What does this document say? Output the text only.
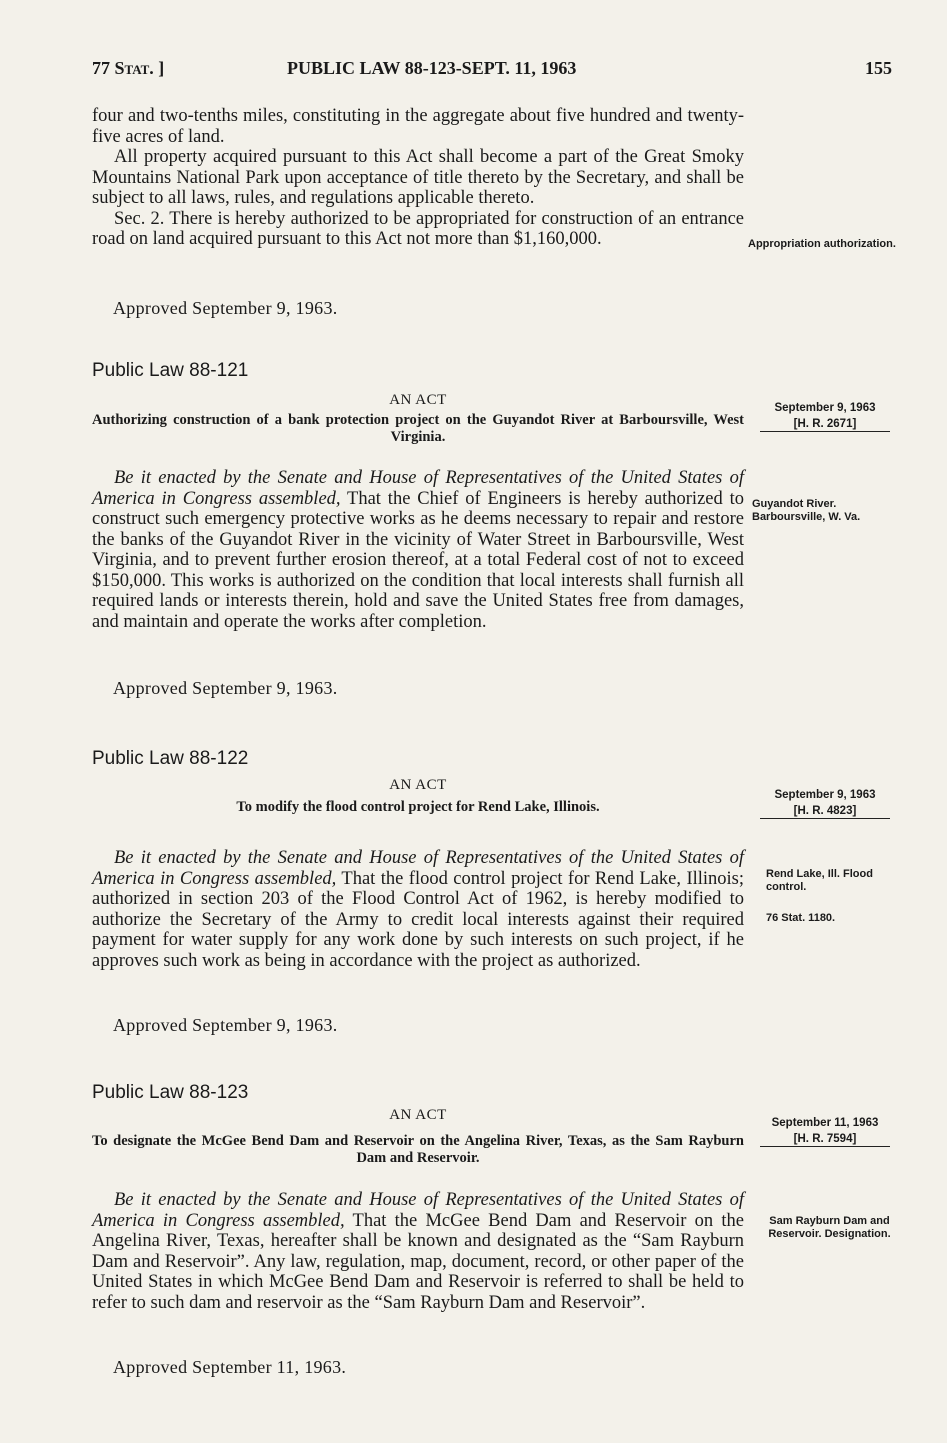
77 Stat. ]	PUBLIC LAW 88-123-SEPT. 11, 1963	155

four and two-tenths miles, constituting in the aggregate about five hundred and twenty-five acres of land.

All property acquired pursuant to this Act shall become a part of the Great Smoky Mountains National Park upon acceptance of title thereto by the Secretary, and shall be subject to all laws, rules, and regulations applicable thereto.

Sec. 2. There is hereby authorized to be appropriated for construction of an entrance road on land acquired pursuant to this Act not more than $1,160,000.

Approved September 9, 1963.
Appropriation authorization.
Public Law 88-121
AN ACT
Authorizing construction of a bank protection project on the Guyandot River at Barboursville, West Virginia.
September 9, 1963
[H. R. 2671]

Be it enacted by the Senate and House of Representatives of the United States of America in Congress assembled, That the Chief of Engineers is hereby authorized to construct such emergency protective works as he deems necessary to repair and restore the banks of the Guyandot River in the vicinity of Water Street in Barboursville, West Virginia, and to prevent further erosion thereof, at a total Federal cost of not to exceed $150,000. This works is authorized on the condition that local interests shall furnish all required lands or interests therein, hold and save the United States free from damages, and maintain and operate the works after completion.

Approved September 9, 1963.
Guyandot River. Barboursville, W. Va.
Public Law 88-122
AN ACT
To modify the flood control project for Rend Lake, Illinois.
September 9, 1963
[H. R. 4823]

Be it enacted by the Senate and House of Representatives of the United States of America in Congress assembled, That the flood control project for Rend Lake, Illinois; authorized in section 203 of the Flood Control Act of 1962, is hereby modified to authorize the Secretary of the Army to credit local interests against their required payment for water supply for any work done by such interests on such project, if he approves such work as being in accordance with the project as authorized.

Approved September 9, 1963.
Rend Lake, Ill. Flood control.
76 Stat. 1180.
Public Law 88-123
AN ACT
To designate the McGee Bend Dam and Reservoir on the Angelina River, Texas, as the Sam Rayburn Dam and Reservoir.
September 11, 1963
[H. R. 7594]

Be it enacted by the Senate and House of Representatives of the United States of America in Congress assembled, That the McGee Bend Dam and Reservoir on the Angelina River, Texas, hereafter shall be known and designated as the “Sam Rayburn Dam and Reservoir”. Any law, regulation, map, document, record, or other paper of the United States in which McGee Bend Dam and Reservoir is referred to shall be held to refer to such dam and reservoir as the “Sam Rayburn Dam and Reservoir”.

Approved September 11, 1963.
Sam Rayburn Dam and Reservoir. Designation.
